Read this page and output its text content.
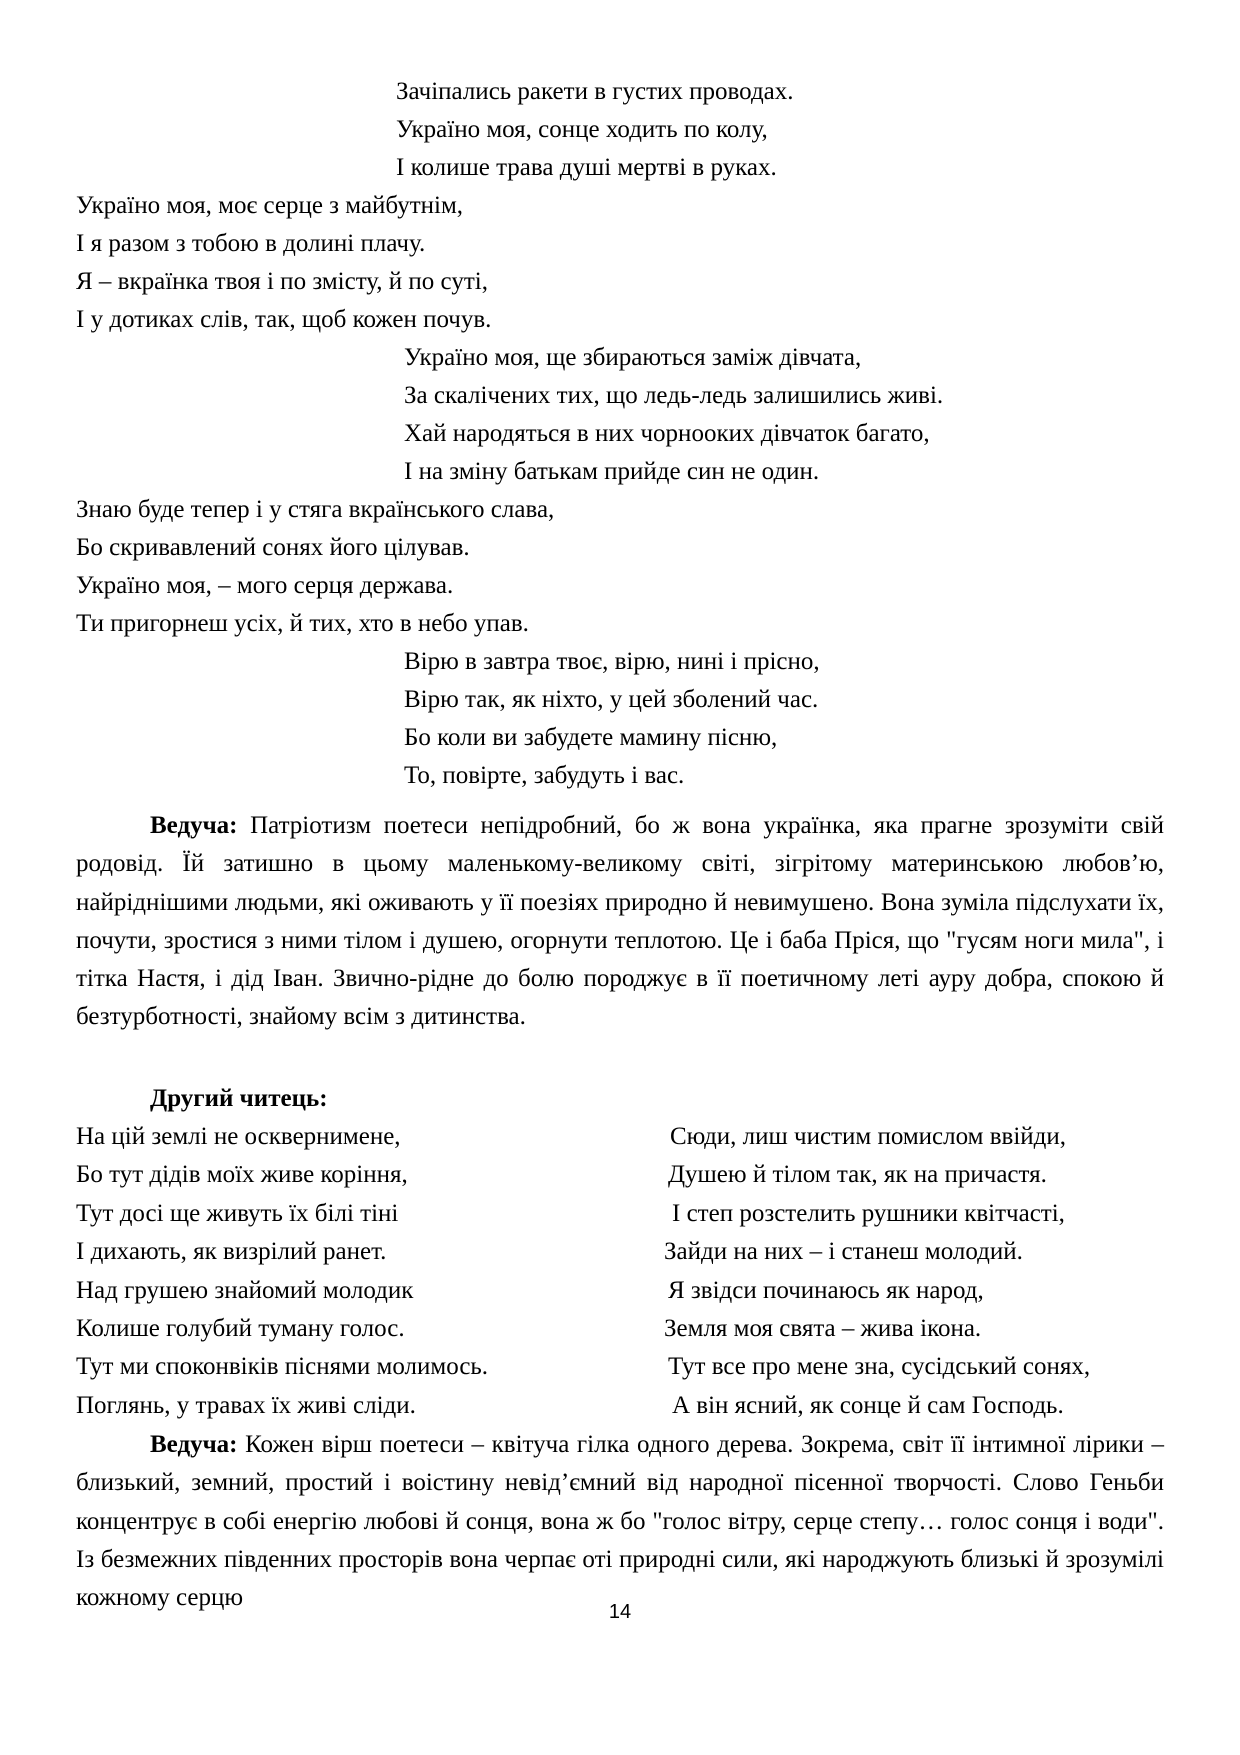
Зачіпались ракети в густих проводах.
Україно моя, сонце ходить по колу,
І колише трава душі мертві в руках.
Україно моя, моє серце з майбутнім,
І я разом з тобою в долині плачу.
Я – вкраїнка твоя і по змісту, й по суті,
І у дотиках слів, так, щоб кожен почув.
Україно моя, ще збираються заміж дівчата,
За скалічених тих, що ледь-ледь залишились живі.
Хай народяться в них чорнооких дівчаток багато,
І на зміну батькам прийде син не один.
Знаю буде тепер і у стяга вкраїнського слава,
Бо скривавлений сонях його цілував.
Україно моя, – мого серця держава.
Ти пригорнеш усіх, й тих, хто в небо упав.
Вірю в завтра твоє, вірю, нині і прісно,
Вірю так, як ніхто, у цей зболений час.
Бо коли ви забудете мамину пісню,
То, повірте, забудуть і вас.
Ведуча: Патріотизм поетеси непідробний, бо ж вона українка, яка прагне зрозуміти свій родовід. Їй затишно в цьому маленькому-великому світі, зігрітому материнською любов’ю, найріднішими людьми, які оживають у її поезіях природно й невимушено. Вона зуміла підслухати їх, почути, зростися з ними тілом і душею, огорнути теплотою. Це і баба Пріся, що "гусям ноги мила", і тітка Настя, і дід Іван. Звично-рідне до болю породжує в її поетичному леті ауру добра, спокою й безтурботності, знайому всім з дитинства.
Другий читець:
На цій землі не осквернимене,
Бо тут дідів моїх живе коріння,
Тут досі ще живуть їх білі тіні
І дихають, як визрілий ранет.
Над грушею знайомий молодик
Колише голубий туману голос.
Тут ми споконвіків піснями молимось.
Поглянь, у травах їх живі сліди.
Сюди, лиш чистим помислом ввійди,
Душею й тілом так, як на причастя.
І степ розстелить рушники квітчасті,
Зайди на них – і станеш молодий.
Я звідси починаюсь як народ,
Земля моя свята – жива ікона.
Тут все про мене зна, сусідський сонях,
А він ясний, як сонце й сам Господь.
Ведуча: Кожен вірш поетеси – квітуча гілка одного дерева. Зокрема, світ її інтимної лірики – близький, земний, простий і воістину невід’ємний від народної пісенної творчості. Слово Геньби концентрує в собі енергію любові й сонця, вона ж бо "голос вітру, серце степу… голос сонця і води". Із безмежних південних просторів вона черпає оті природні сили, які народжують близькі й зрозумілі кожному серцю
14
